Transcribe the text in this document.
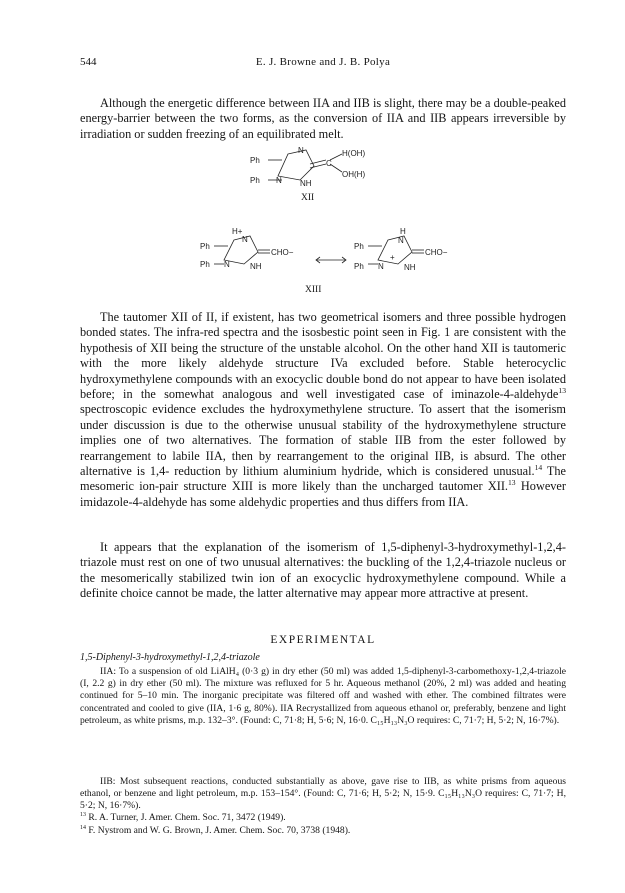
544	E. J. Browne and J. B. Polya

Although the energetic difference between IIA and IIB is slight, there may be a double-peaked energy-barrier between the two forms, as the conversion of IIA and IIB appears irreversible by irradiation or sudden freezing of an equilibrated melt.

Ph
Ph
N
N NH
C
H(OH)
OH(H)
XII
H+
N
Ph
Ph N	NH
CHO−
H
N
Ph
Ph
+
N	NH
CHO−
XIII

The tautomer XII of II, if existent, has two geometrical isomers and three possible hydrogen bonded states. The infra-red spectra and the isosbestic point seen in Fig. 1 are consistent with the hypothesis of XII being the structure of the unstable alcohol. On the other hand XII is tautomeric with the more likely aldehyde structure IVa excluded before. Stable heterocyclic hydroxymethylene compounds with an exocyclic double bond do not appear to have been isolated before; in the somewhat analogous and well investigated case of iminazole-4-aldehyde$^{13}$ spectroscopic evidence excludes the hydroxymethylene structure. To assert that the isomerism under discussion is due to the otherwise unusual stability of the hydroxymethylene structure implies one of two alternatives. The formation of stable IIB from the ester followed by rearrangement to labile IIA, then by rearrangement to the original IIB, is absurd. The other alternative is 1,4- reduction by lithium aluminium hydride, which is considered unusual.$^{14}$ The mesomeric ion-pair structure XIII is more likely than the uncharged tautomer XII.$^{13}$ However imidazole-4-aldehyde has some aldehydic properties and thus differs from IIA.

It appears that the explanation of the isomerism of 1,5-diphenyl-3-hydroxymethyl-1,2,4-triazole must rest on one of two unusual alternatives: the buckling of the 1,2,4-triazole nucleus or the mesomerically stabilized twin ion of an exocyclic hydroxymethylene compound. While a definite choice cannot be made, the latter alternative may appear more attractive at present.

EXPERIMENTAL
1,5-Diphenyl-3-hydroxymethyl-1,2,4-triazole

IIA: To a suspension of old LiAlH₄ (0·3 g) in dry ether (50 ml) was added 1,5-diphenyl-3-carbomethoxy-1,2,4-triazole (I, 2.2 g) in dry ether (50 ml). The mixture was refluxed for 5 hr. Aqueous methanol (20%, 2 ml) was added and heating continued for 5–10 min. The inorganic precipitate was filtered off and washed with ether. The combined filtrates were concentrated and cooled to give (IIA, 1·6 g, 80%). IIA Recrystallized from aqueous ethanol or, preferably, benzene and light petroleum, as white prisms, m.p. 132–3°. (Found: C, 71·8; H, 5·6; N, 16·0. C₁₅H₁₃N₃O requires: C, 71·7; H, 5·2; N, 16·7%).

IIB: Most subsequent reactions, conducted substantially as above, gave rise to IIB, as white prisms from aqueous ethanol, or benzene and light petroleum, m.p. 153–154°. (Found: C, 71·6; H, 5·2; N, 15·9. C₁₅H₁₃N₃O requires: C, 71·7; H, 5·2; N, 16·7%).

$^{13}$ R. A. Turner, J. Amer. Chem. Soc. 71, 3472 (1949).
$^{14}$ F. Nystrom and W. G. Brown, J. Amer. Chem. Soc. 70, 3738 (1948).
